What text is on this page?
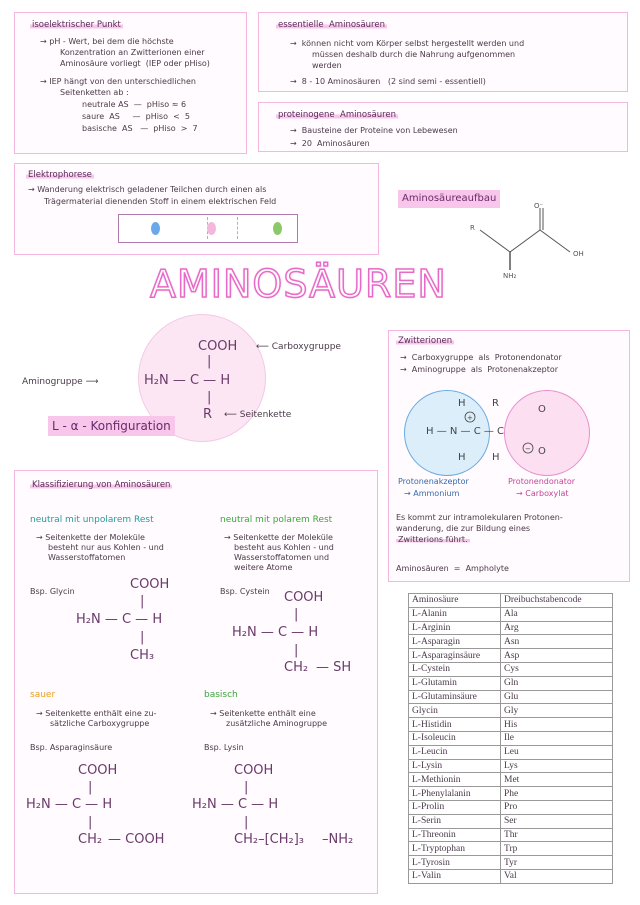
isoelektrischer Punkt
→ pH - Wert, bei dem die höchste
Konzentration an Zwitterionen einer
Aminosäure vorliegt  (IEP oder pHiso)
→ IEP hängt von den unterschiedlichen
Seitenketten ab :
neutrale AS  —  pHiso ≈ 6
saure  AS     —  pHiso  <  5
basische  AS   —  pHiso  >  7
essentielle  Aminosäuren
→  können nicht vom Körper selbst hergestellt werden und
müssen deshalb durch die Nahrung aufgenommen
werden
→  8 - 10 Aminosäuren   (2 sind semi - essentiell)
proteinogene  Aminosäuren
→  Bausteine der Proteine von Lebewesen
→  20  Aminosäuren
Elektrophorese
→ Wanderung elektrisch geladener Teilchen durch einen als
Trägermaterial dienenden Stoff in einem elektrischen Feld	Aminosäureaufbau
R
O⁻
OH
NH₂
AMINOSÄUREN
COOH
|
H₂N — C — H
|
R
⟵ Carboxygruppe
Aminogruppe ⟶
⟵ Seitenkette
L - α - Konfiguration
Zwitterionen
→  Carboxygruppe  als  Protonendonator
→  Aminogruppe  als  Protonenakzeptor
H	R
+
H — N — C — C
H	H
O
O
−
Protonenakzeptor
→ Ammonium
Protonendonator
→ Carboxylat
Es kommt zur intramolekularen Protonen-
wanderung, die zur Bildung eines
Zwitterions führt.
Aminosäuren  =  Ampholyte
Klassifizierung von Aminosäuren
neutral mit unpolarem Rest
→ Seitenkette der Moleküle
besteht nur aus Kohlen - und
Wasserstoffatomen
neutral mit polarem Rest
→ Seitenkette der Moleküle
besteht aus Kohlen - und
Wasserstoffatomen und
weitere Atome
Bsp. Glycin	COOH
|
H₂N — C — H
|
CH₃
Bsp. Cystein COOH
|
H₂N — C — H
|
CH₂ — SH
sauer
→ Seitenkette enthält eine zu-
sätzliche Carboxygruppe
basisch
→ Seitenkette enthält eine
zusätzliche Aminogruppe
Bsp. Asparaginsäure
COOH
|
H₂N — C — H
|
CH₂ — COOH
Bsp. Lysin
COOH
|
H₂N — C — H
|
CH₂–[CH₂]₃ –NH₂
Aminosäure	Dreibuchstabencode
L-Alanin	Ala
L-Arginin	Arg
L-Asparagin	Asn
L-Asparaginsäure	Asp
L-Cystein	Cys
L-Glutamin	Gln
L-Glutaminsäure	Glu
Glycin	Gly
L-Histidin	His
L-Isoleucin	Ile
L-Leucin	Leu
L-Lysin	Lys
L-Methionin	Met
L-Phenylalanin	Phe
L-Prolin	Pro
L-Serin	Ser
L-Threonin	Thr
L-Tryptophan	Trp
L-Tyrosin	Tyr
L-Valin	Val
